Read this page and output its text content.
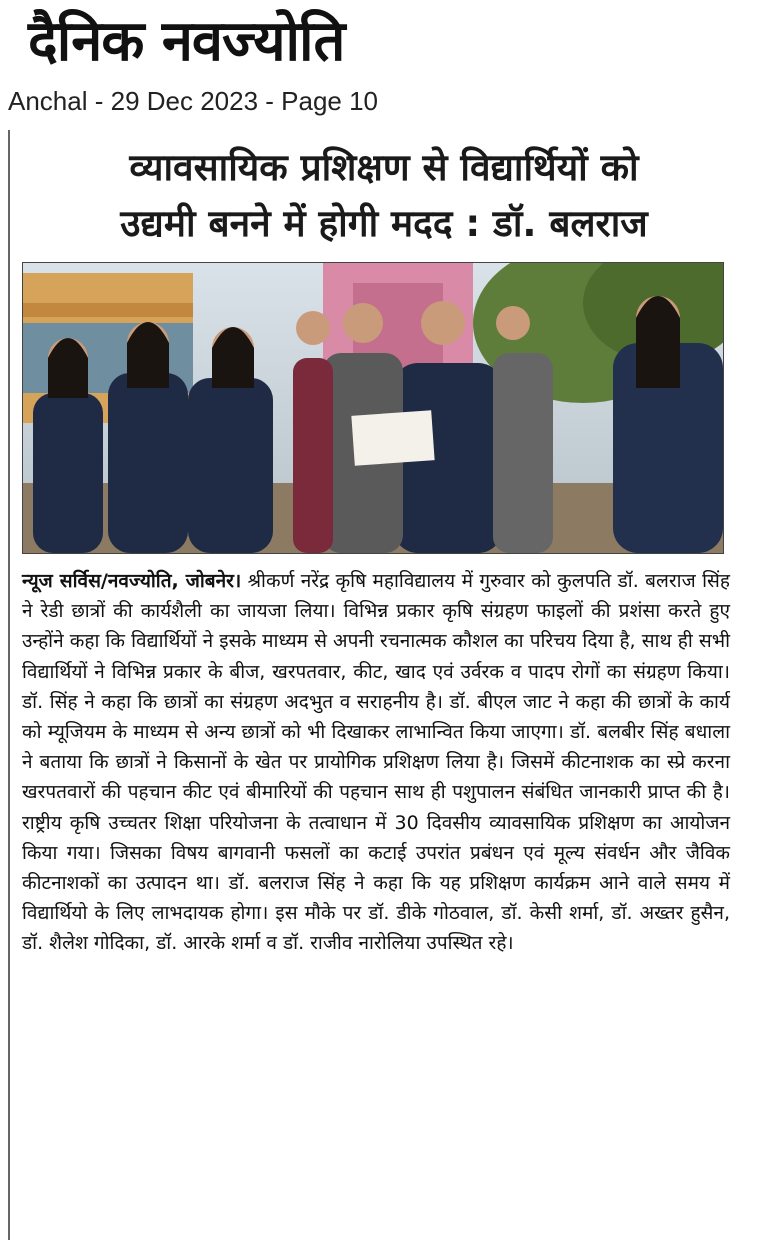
दैनिक नवज्योति
Anchal - 29 Dec 2023 - Page 10
व्यावसायिक प्रशिक्षण से विद्यार्थियों को
उद्यमी बनने में होगी मदद : डॉ. बलराज

न्यूज सर्विस/नवज्योति, जोबनेर। श्रीकर्ण नरेंद्र कृषि महाविद्यालय में गुरुवार को कुलपति डॉ. बलराज सिंह ने रेडी छात्रों की कार्यशैली का जायजा लिया। विभिन्न प्रकार कृषि संग्रहण फाइलों की प्रशंसा करते हुए उन्होंने कहा कि विद्यार्थियों ने इसके माध्यम से अपनी रचनात्मक कौशल का परिचय दिया है, साथ ही सभी विद्यार्थियों ने विभिन्न प्रकार के बीज, खरपतवार, कीट, खाद एवं उर्वरक व पादप रोगों का संग्रहण किया। डॉ. सिंह ने कहा कि छात्रों का संग्रहण अदभुत व सराहनीय है। डॉ. बीएल जाट ने कहा की छात्रों के कार्य को म्यूजियम के माध्यम से अन्य छात्रों को भी दिखाकर लाभान्वित किया जाएगा। डॉ. बलबीर सिंह बधाला ने बताया कि छात्रों ने किसानों के खेत पर प्रायोगिक प्रशिक्षण लिया है। जिसमें कीटनाशक का स्प्रे करना खरपतवारों की पहचान कीट एवं बीमारियों की पहचान साथ ही पशुपालन संबंधित जानकारी प्राप्त की है। राष्ट्रीय कृषि उच्चतर शिक्षा परियोजना के तत्वाधान में 30 दिवसीय व्यावसायिक प्रशिक्षण का आयोजन किया गया। जिसका विषय बागवानी फसलों का कटाई उपरांत प्रबंधन एवं मूल्य संवर्धन और जैविक कीटनाशकों का उत्पादन था। डॉ. बलराज सिंह ने कहा कि यह प्रशिक्षण कार्यक्रम आने वाले समय में विद्यार्थियो के लिए लाभदायक होगा। इस मौके पर डॉ. डीके गोठवाल, डॉ. केसी शर्मा, डॉ. अख्तर हुसैन, डॉ. शैलेश गोदिका, डॉ. आरके शर्मा व डॉ. राजीव नारोलिया उपस्थित रहे।
